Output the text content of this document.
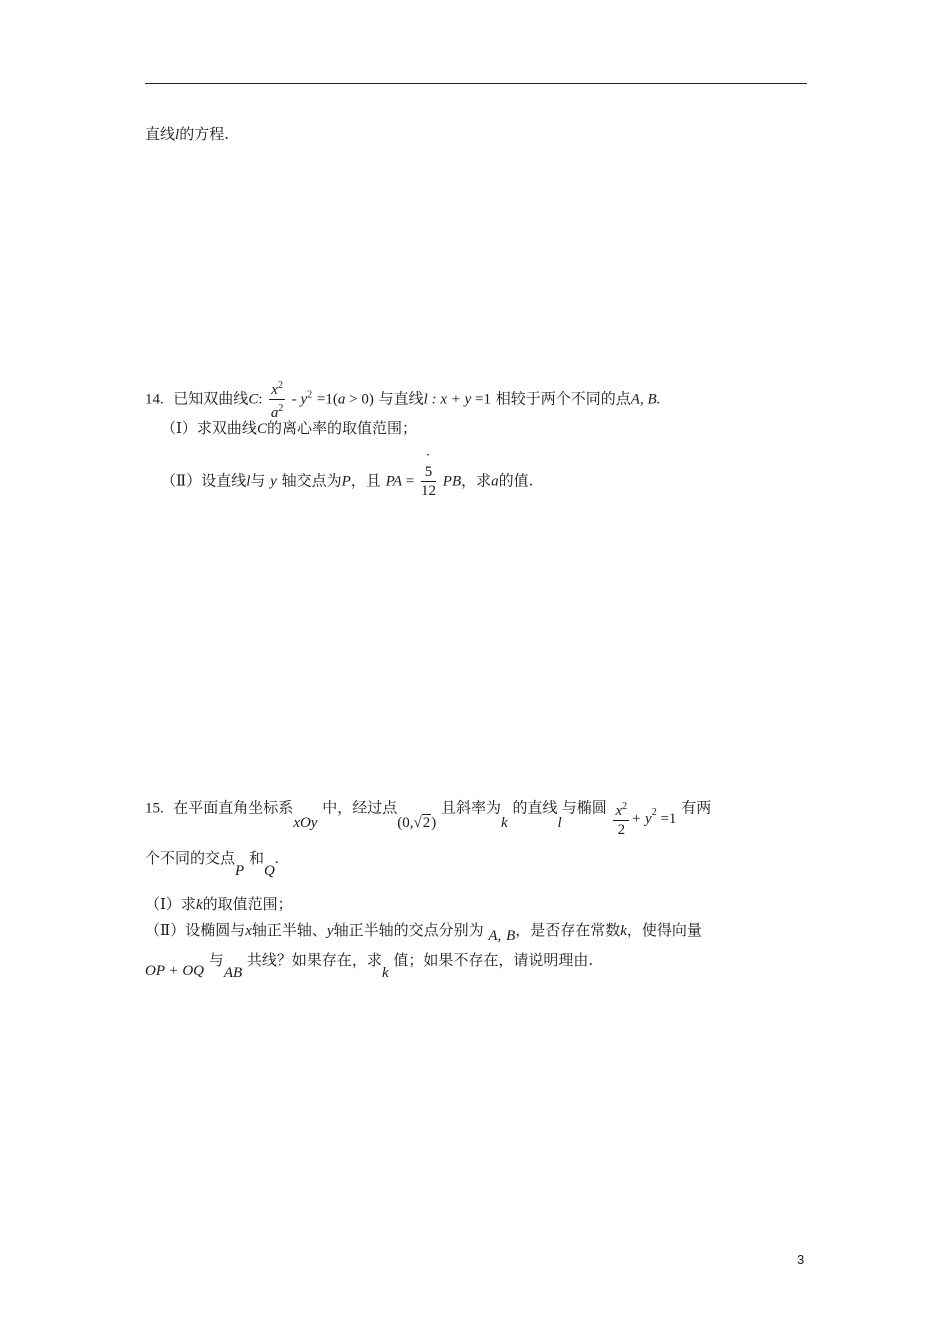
直线l的方程.
14. 已知双曲线C: $\frac{x^2}{a^2} - y^2 =1(a > 0)$ 与直线l : x + y =1 相较于两个不同的点A, B.
（Ⅰ）求双曲线C的离心率的取值范围；
·
（Ⅱ）设直线l与 y 轴交点为P，且 PA = $\frac{5}{12}$ PB，求a的值.
15. 在平面直角坐标系xOy 中，经过点(0,√2) 且斜率为k 的直线l与椭圆 $\frac{x^2}{2} + y^2 =1$ 有两
个不同的交点P 和Q.
（Ⅰ）求k的取值范围；
（Ⅱ）设椭圆与x轴正半轴、y轴正半轴的交点分别为 A, B，是否存在常数k，使得向量
OP + OQ 与AB 共线？如果存在，求k 值；如果不存在，请说明理由.
3
